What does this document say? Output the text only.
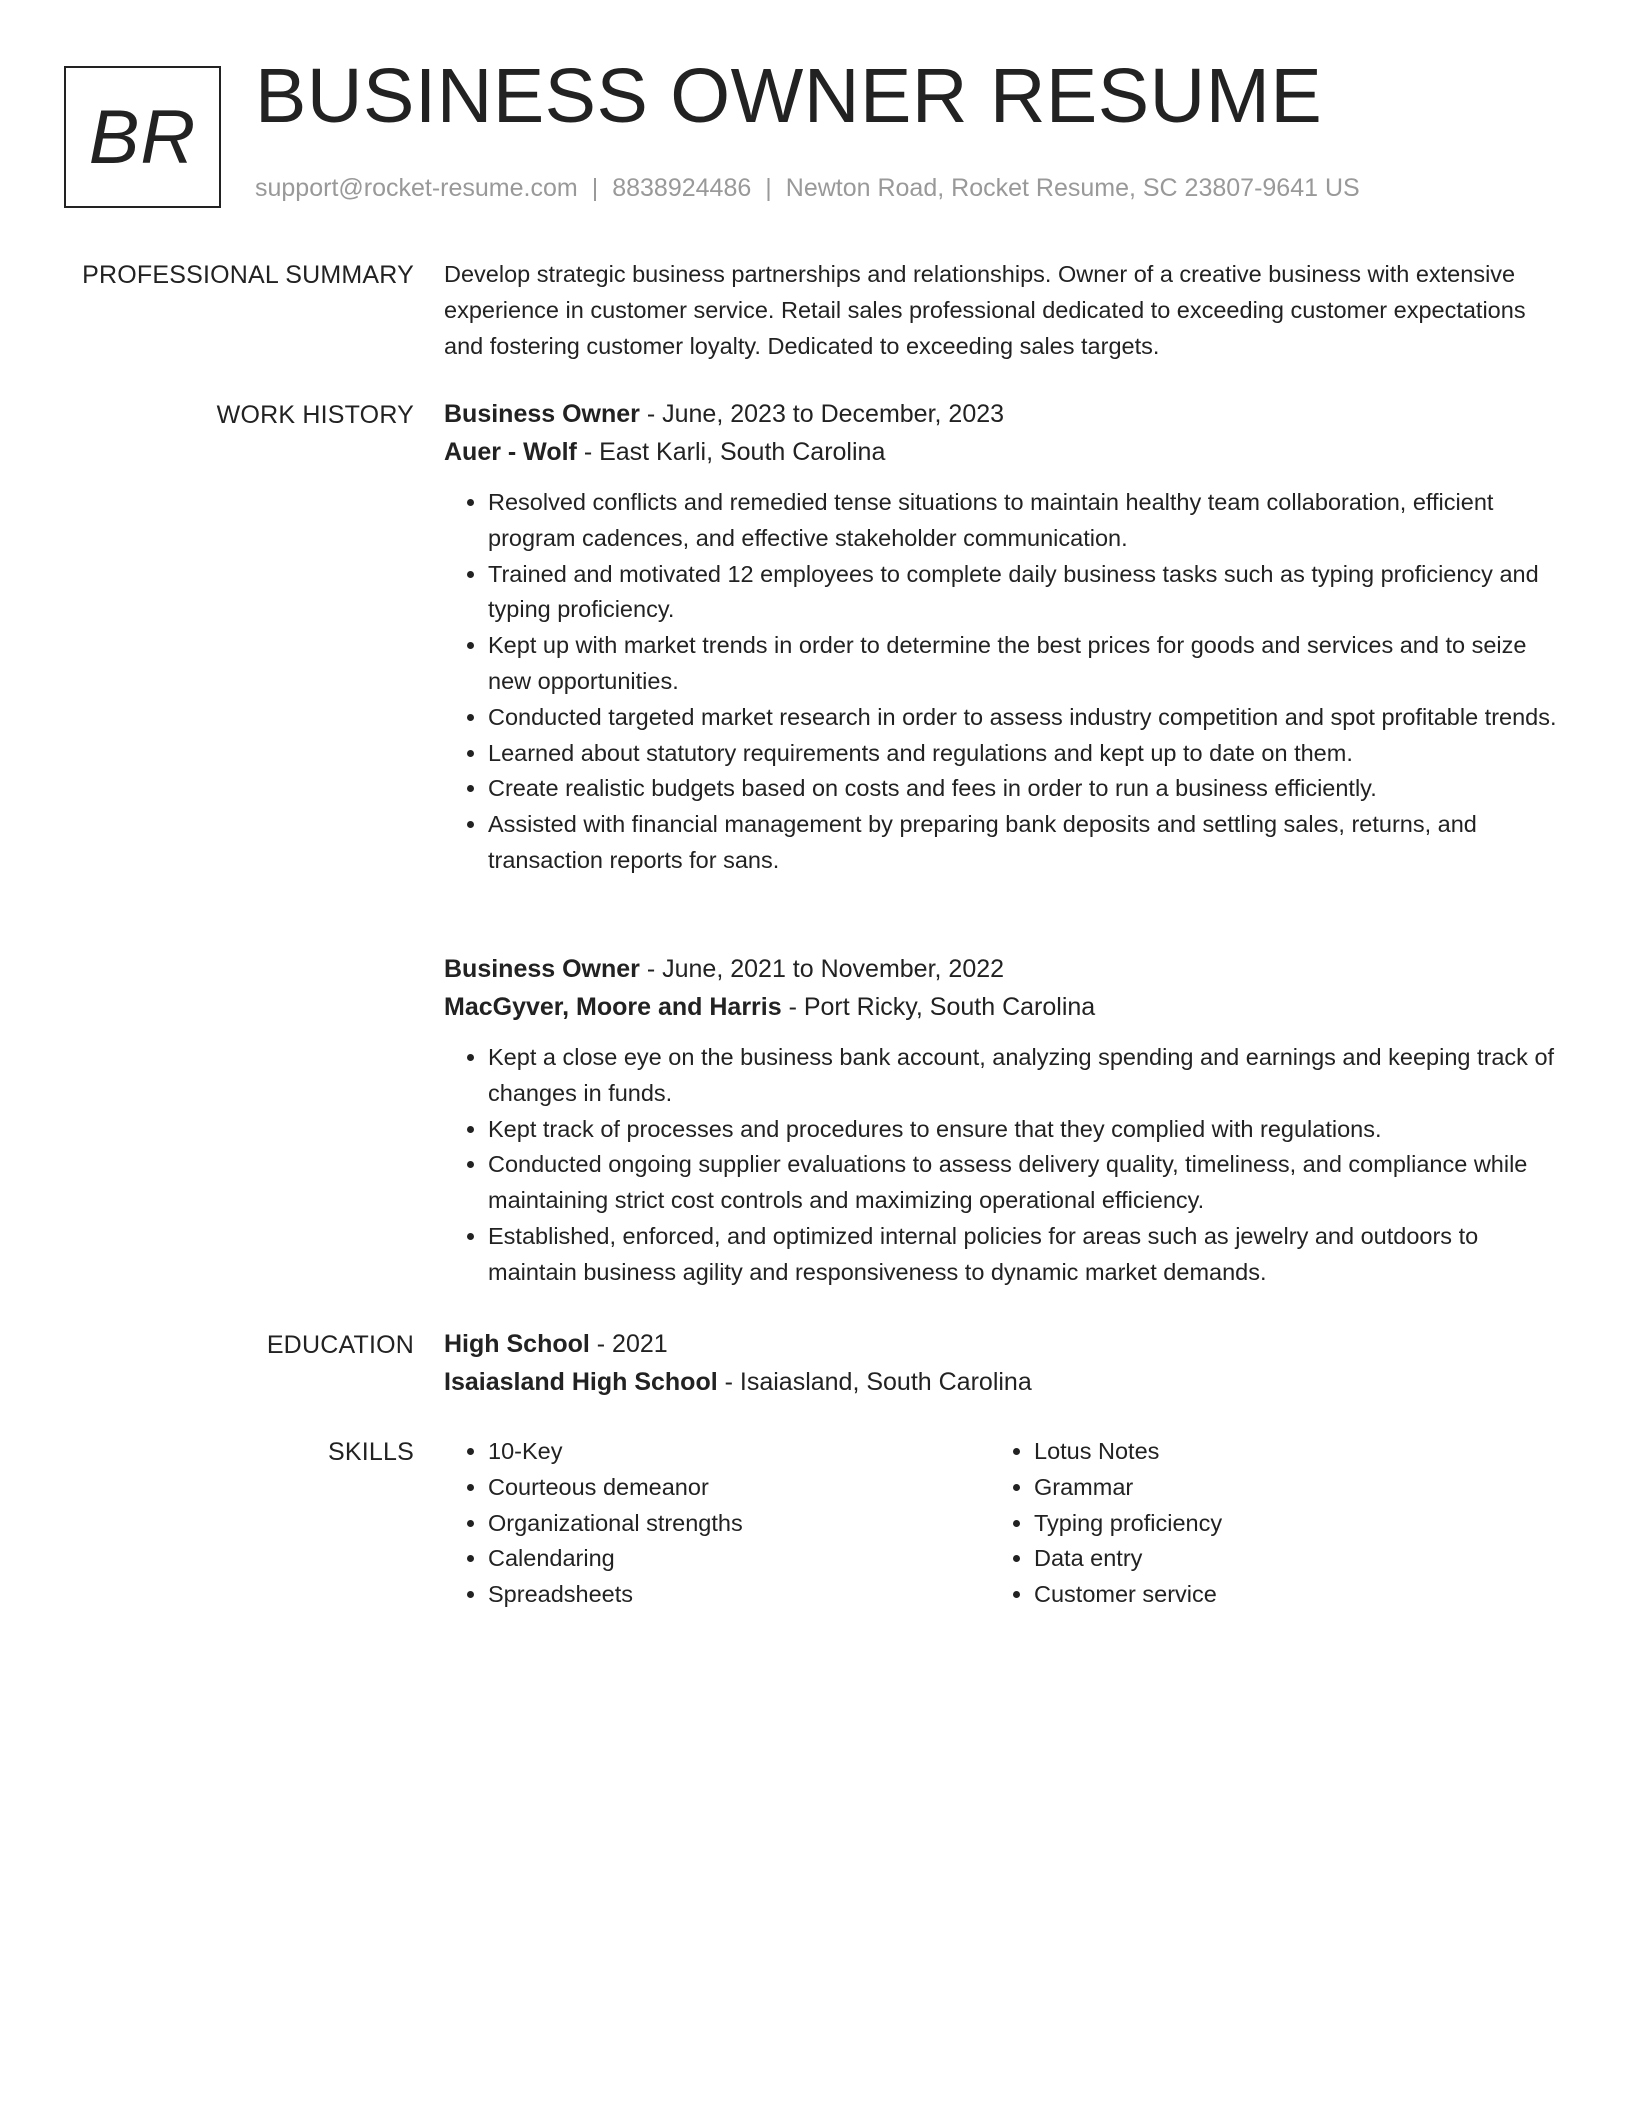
BR BUSINESS OWNER RESUME
support@rocket-resume.com | 8838924486 | Newton Road, Rocket Resume, SC 23807-9641 US
PROFESSIONAL SUMMARY Develop strategic business partnerships and relationships. Owner of a creative business with extensive experience in customer service. Retail sales professional dedicated to exceeding customer expectations and fostering customer loyalty. Dedicated to exceeding sales targets.
WORK HISTORY Business Owner - June, 2023 to December, 2023
Auer - Wolf - East Karli, South Carolina
• Resolved conflicts and remedied tense situations to maintain healthy team collaboration, efficient program cadences, and effective stakeholder communication.
• Trained and motivated 12 employees to complete daily business tasks such as typing proficiency and typing proficiency.
• Kept up with market trends in order to determine the best prices for goods and services and to seize new opportunities.
• Conducted targeted market research in order to assess industry competition and spot profitable trends.
• Learned about statutory requirements and regulations and kept up to date on them.
• Create realistic budgets based on costs and fees in order to run a business efficiently.
• Assisted with financial management by preparing bank deposits and settling sales, returns, and transaction reports for sans.
Business Owner - June, 2021 to November, 2022
MacGyver, Moore and Harris - Port Ricky, South Carolina
• Kept a close eye on the business bank account, analyzing spending and earnings and keeping track of changes in funds.
• Kept track of processes and procedures to ensure that they complied with regulations.
• Conducted ongoing supplier evaluations to assess delivery quality, timeliness, and compliance while maintaining strict cost controls and maximizing operational efficiency.
• Established, enforced, and optimized internal policies for areas such as jewelry and outdoors to maintain business agility and responsiveness to dynamic market demands.
EDUCATION High School - 2021
Isaiasland High School - Isaiasland, South Carolina
SKILLS
•	10-Key
• Courteous demeanor
• Organizational strengths
• Calendaring
• Spreadsheets
• Lotus Notes
• Grammar
• Typing proficiency
• Data entry
• Customer service
